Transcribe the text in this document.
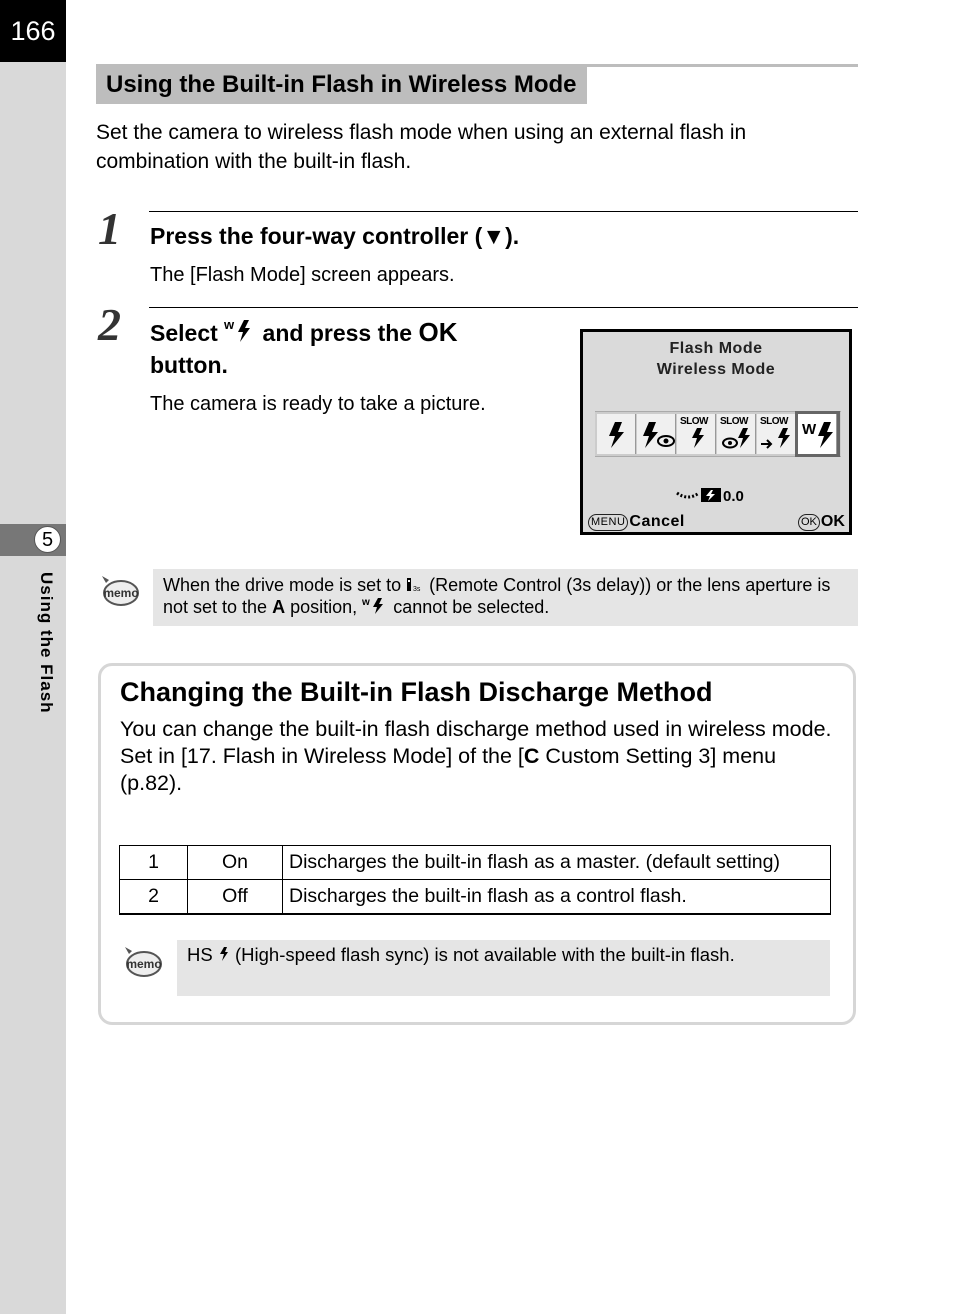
166
5
Using the Flash
Using the Built-in Flash in Wireless Mode
Set the camera to wireless flash mode when using an external flash in combination with the built-in flash.
1 Press the four-way controller (▼).
The [Flash Mode] screen appears.
2 Select w and press the OK
button.
The camera is ready to take a picture.
Flash Mode
Wireless Mode
SLOW SLOW SLOW W
0.0
MENU Cancel	OK OK
memo When the drive mode is set to 3s (Remote Control (3s delay)) or the lens aperture is not set to the A position, w cannot be selected.

Changing the Built-in Flash Discharge Method
You can change the built-in flash discharge method used in wireless mode.
Set in [17. Flash in Wireless Mode] of the [C Custom Setting 3] menu (p.82).
1	On	Discharges the built-in flash as a master. (default setting)
2	Off	Discharges the built-in flash as a control flash.
memo HS (High-speed flash sync) is not available with the built-in flash.
